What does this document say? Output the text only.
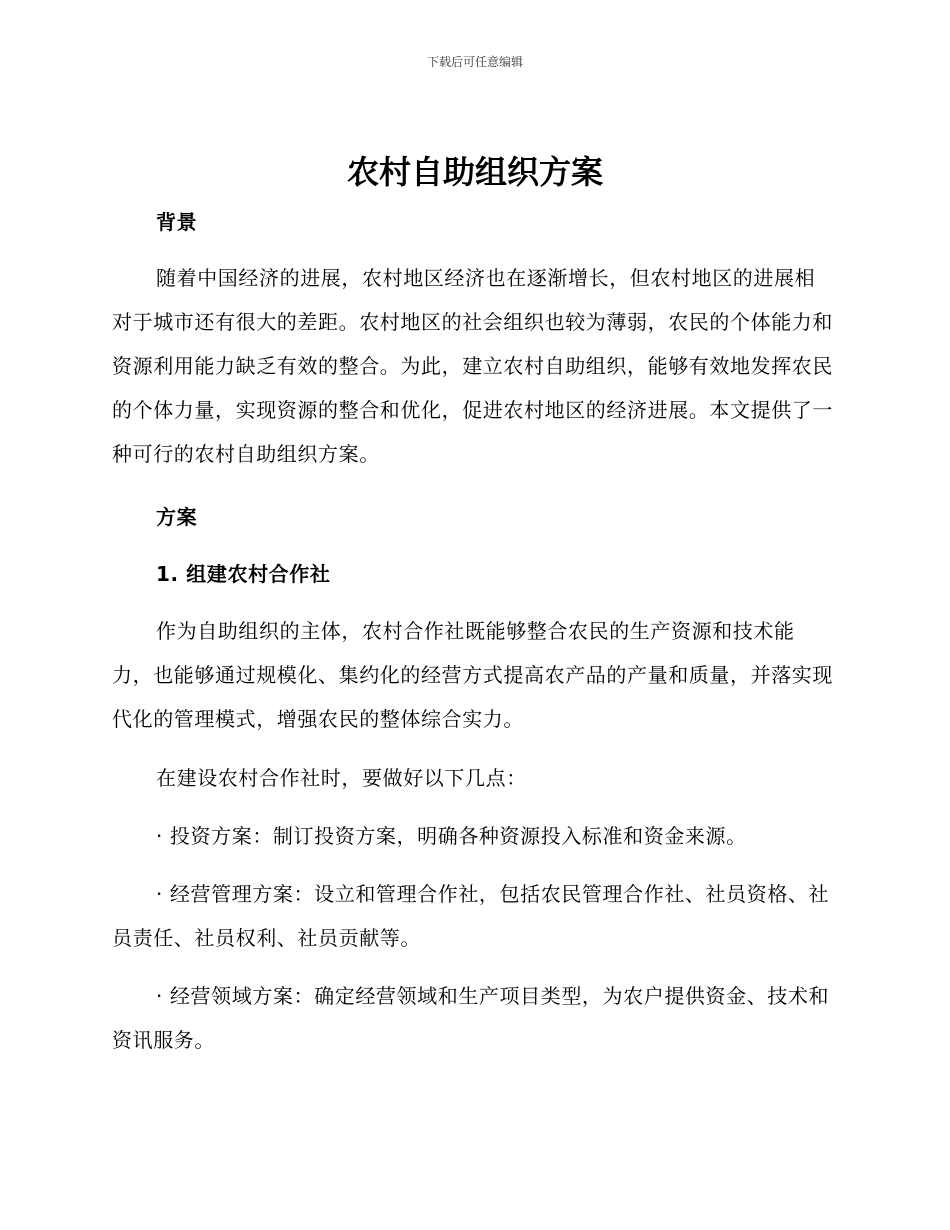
下载后可任意编辑
农村自助组织方案

背景

随着中国经济的进展，农村地区经济也在逐渐增长，但农村地区的进展相对于城市还有很大的差距。农村地区的社会组织也较为薄弱，农民的个体能力和资源利用能力缺乏有效的整合。为此，建立农村自助组织，能够有效地发挥农民的个体力量，实现资源的整合和优化，促进农村地区的经济进展。本文提供了一种可行的农村自助组织方案。

方案

1. 组建农村合作社

作为自助组织的主体，农村合作社既能够整合农民的生产资源和技术能力，也能够通过规模化、集约化的经营方式提高农产品的产量和质量，并落实现代化的管理模式，增强农民的整体综合实力。

在建设农村合作社时，要做好以下几点：

· 投资方案：制订投资方案，明确各种资源投入标准和资金来源。

· 经营管理方案：设立和管理合作社，包括农民管理合作社、社员资格、社员责任、社员权利、社员贡献等。

· 经营领域方案：确定经营领域和生产项目类型，为农户提供资金、技术和资讯服务。
